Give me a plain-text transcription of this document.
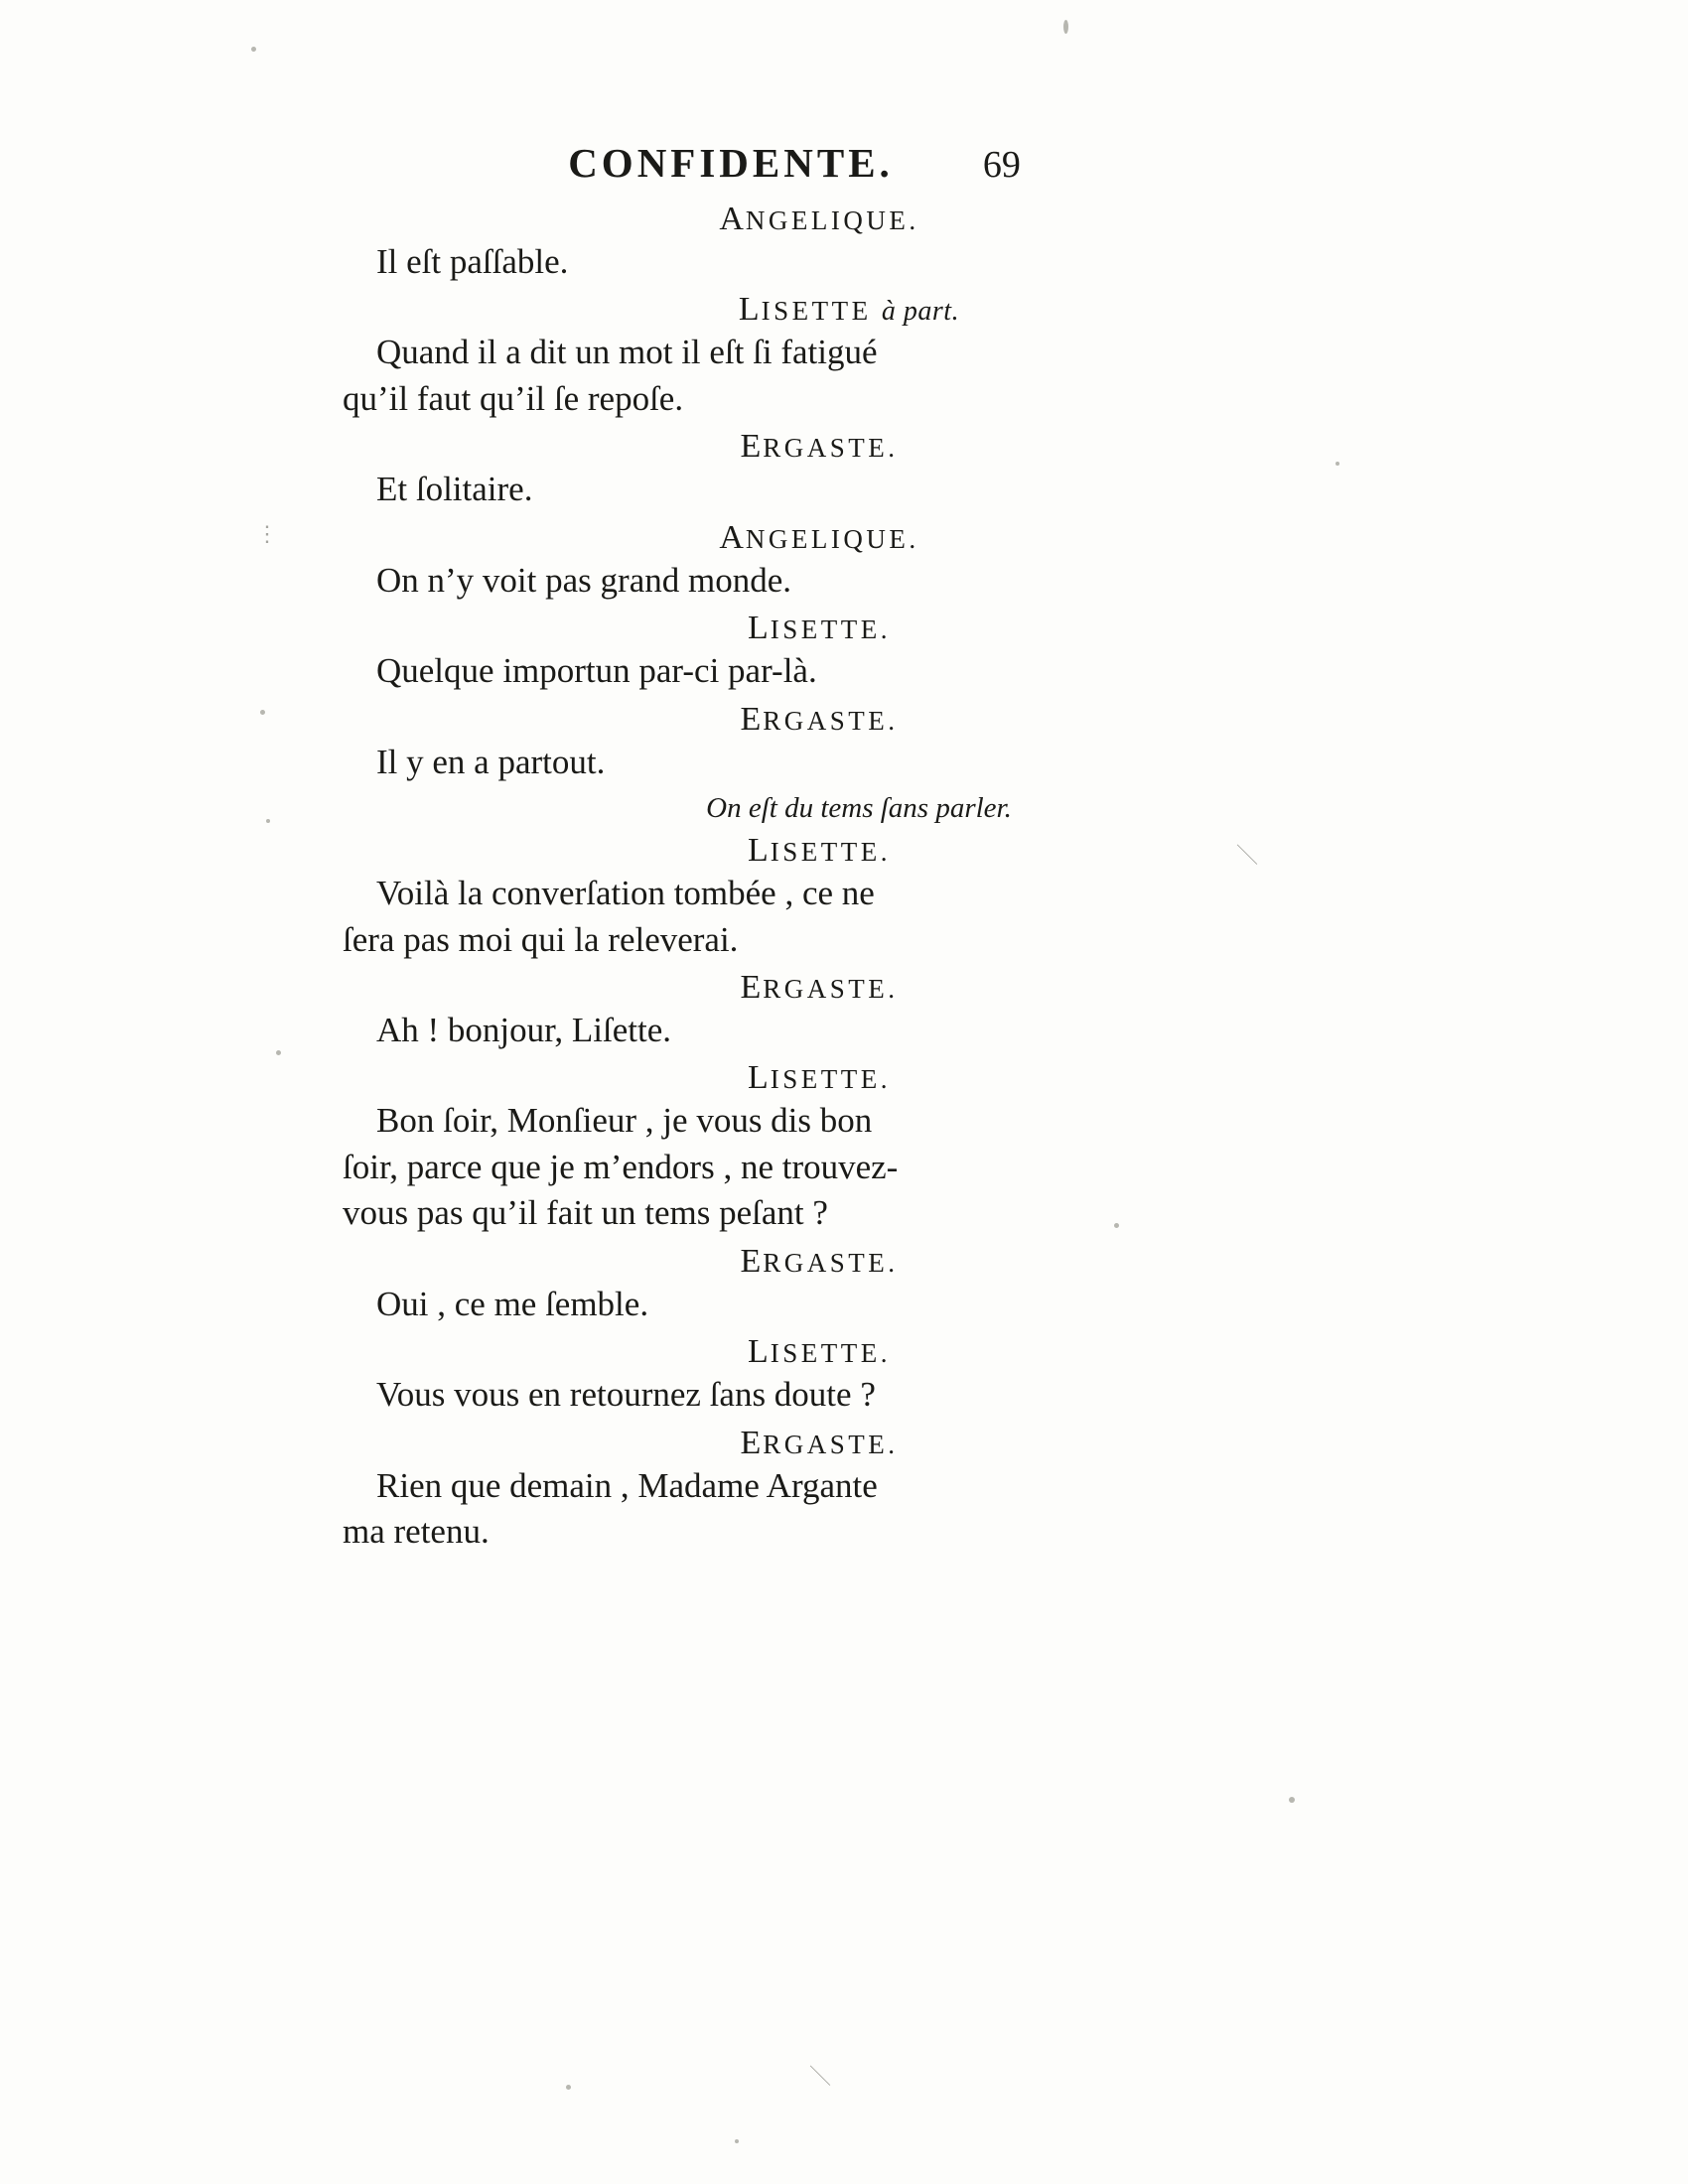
＼
＼
⋮
CONFIDENTE. 69
ANGELIQUE.

Il eſt paſſable.

LISETTE à part.

Quand il a dit un mot il eſt ſi fatigué

qu’il faut qu’il ſe repoſe.

ERGASTE.

Et ſolitaire.

ANGELIQUE.

On n’y voit pas grand monde.

LISETTE.

Quelque importun par-ci par-là.

ERGASTE.

Il y en a partout.

On eſt du tems ſans parler.
LISETTE.

Voilà la converſation tombée , ce ne

ſera pas moi qui la releverai.

ERGASTE.

Ah ! bonjour, Liſette.

LISETTE.

Bon ſoir, Monſieur , je vous dis bon

ſoir, parce que je m’endors , ne trouvez-

vous pas qu’il fait un tems peſant ?

ERGASTE.

Oui , ce me ſemble.

LISETTE.

Vous vous en retournez ſans doute ?

ERGASTE.

Rien que demain , Madame Argante

ma retenu.
